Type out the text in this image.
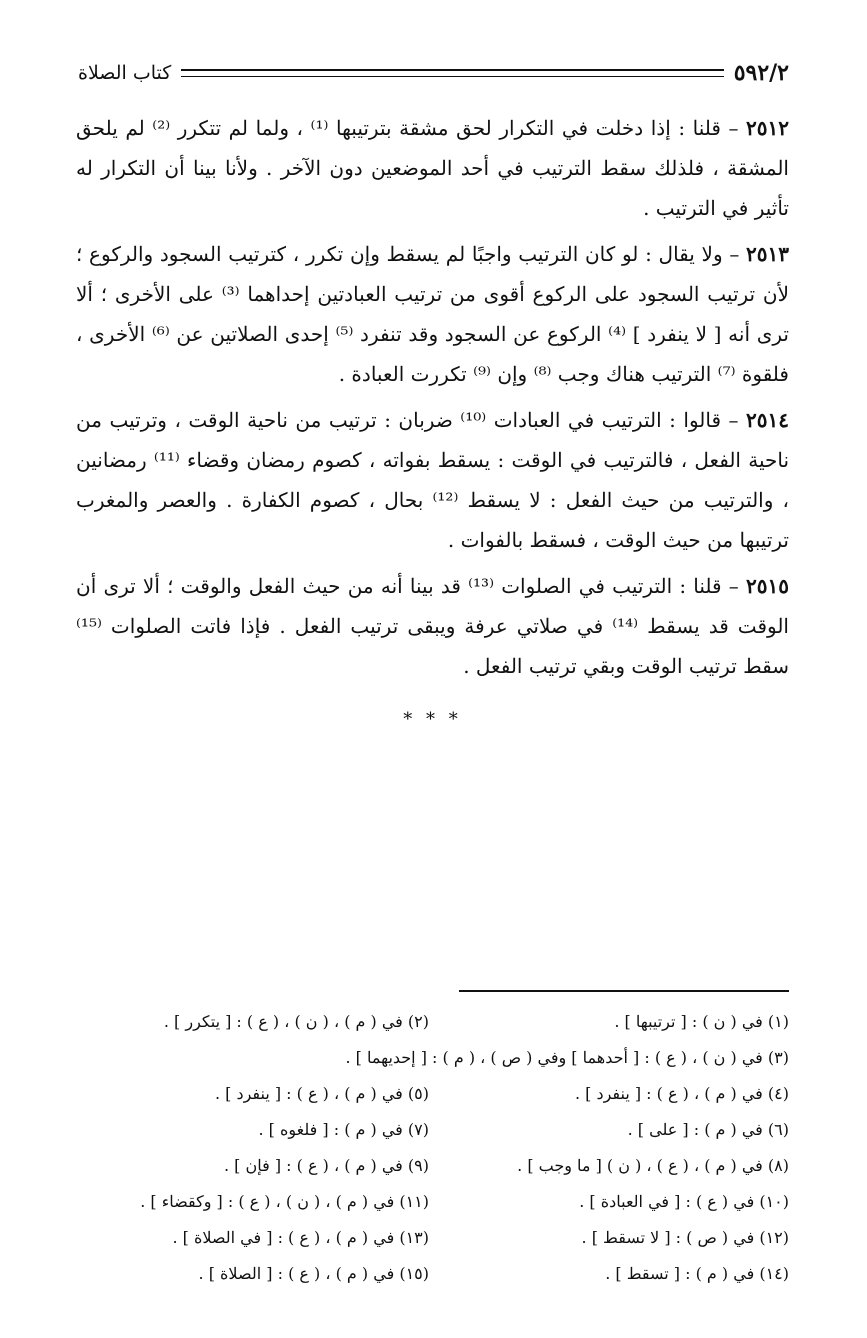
٥٩٢/٢
كتاب الصلاة

٢٥١٢ – قلنا : إذا دخلت في التكرار لحق مشقة بترتيبها ⁽¹⁾ ، ولما لم تتكرر ⁽²⁾ لم يلحق المشقة ، فلذلك سقط الترتيب في أحد الموضعين دون الآخر . ولأنا بينا أن التكرار له تأثير في الترتيب .

٢٥١٣ – ولا يقال : لو كان الترتيب واجبًا لم يسقط وإن تكرر ، كترتيب السجود والركوع ؛ لأن ترتيب السجود على الركوع أقوى من ترتيب العبادتين إحداهما ⁽³⁾ على الأخرى ؛ ألا ترى أنه [ لا ينفرد ] ⁽⁴⁾ الركوع عن السجود وقد تنفرد ⁽⁵⁾ إحدى الصلاتين عن ⁽⁶⁾ الأخرى ، فلقوة ⁽⁷⁾ الترتيب هناك وجب ⁽⁸⁾ وإن ⁽⁹⁾ تكررت العبادة .

٢٥١٤ – قالوا : الترتيب في العبادات ⁽¹⁰⁾ ضربان : ترتيب من ناحية الوقت ، وترتيب من ناحية الفعل ، فالترتيب في الوقت : يسقط بفواته ، كصوم رمضان وقضاء ⁽¹¹⁾ رمضانين ، والترتيب من حيث الفعل : لا يسقط ⁽¹²⁾ بحال ، كصوم الكفارة . والعصر والمغرب ترتيبها من حيث الوقت ، فسقط بالفوات .

٢٥١٥ – قلنا : الترتيب في الصلوات ⁽¹³⁾ قد بينا أنه من حيث الفعل والوقت ؛ ألا ترى أن الوقت قد يسقط ⁽¹⁴⁾ في صلاتي عرفة ويبقى ترتيب الفعل . فإذا فاتت الصلوات ⁽¹⁵⁾ سقط ترتيب الوقت وبقي ترتيب الفعل .

* * *
(١) في ( ن ) : [ ترتيبها ] .
(٢) في ( م ) ، ( ن ) ، ( ع ) : [ يتكرر ] .
(٣) في ( ن ) ، ( ع ) : [ أحدهما ] وفي ( ص ) ، ( م ) : [ إحديهما ] .
(٤) في ( م ) ، ( ع ) : [ ينفرد ] .
(٥) في ( م ) ، ( ع ) : [ ينفرد ] .
(٦) في ( م ) : [ على ] .
(٧) في ( م ) : [ فلغوه ] .
(٨) في ( م ) ، ( ع ) ، ( ن ) [ ما وجب ] .
(٩) في ( م ) ، ( ع ) : [ فإن ] .
(١٠) في ( ع ) : [ في العبادة ] .
(١١) في ( م ) ، ( ن ) ، ( ع ) : [ وكقضاء ] .
(١٢) في ( ص ) : [ لا تسقط ] .
(١٣) في ( م ) ، ( ع ) : [ في الصلاة ] .
(١٤) في ( م ) : [ تسقط ] .
(١٥) في ( م ) ، ( ع ) : [ الصلاة ] .
